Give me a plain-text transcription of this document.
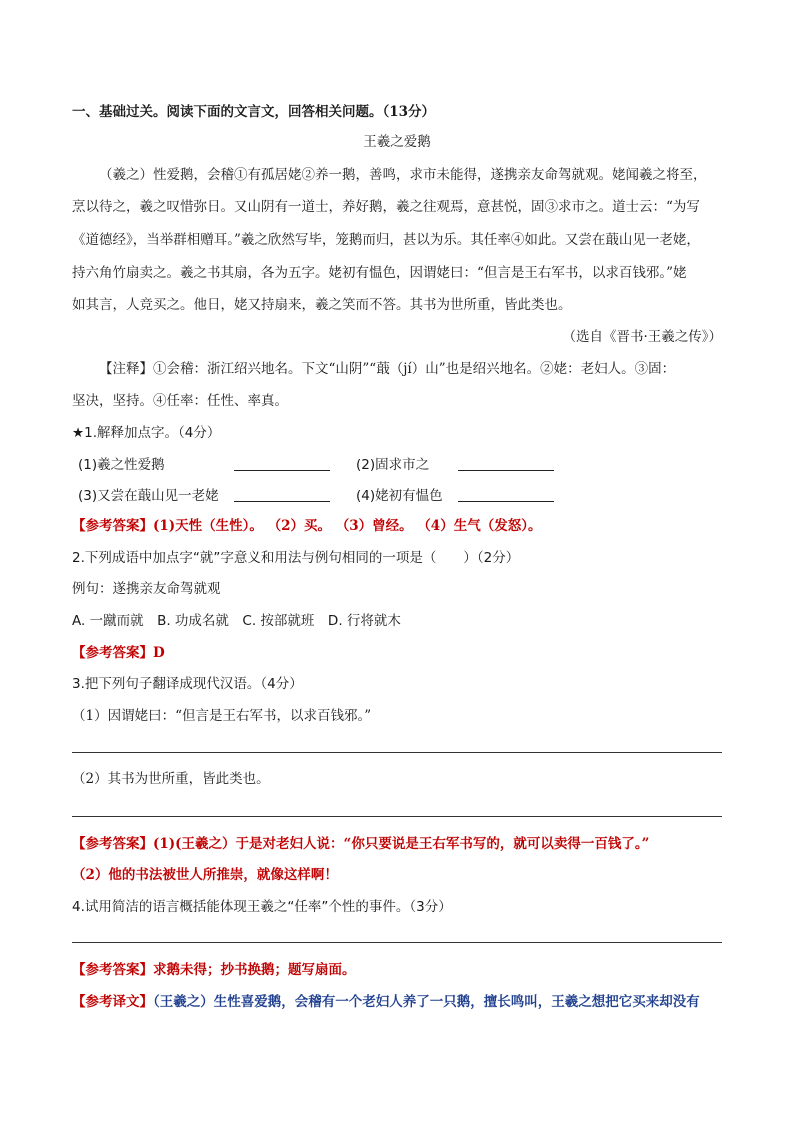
一、基础过关。阅读下面的文言文，回答相关问题。（13分）
王羲之爱鹅
（羲之）性爱鹅，会稽①有孤居姥②养一鹅，善鸣，求市未能得，遂携亲友命驾就观。姥闻羲之将至，
烹以待之，羲之叹惜弥日。又山阴有一道士，养好鹅，羲之往观焉，意甚悦，固③求市之。道士云：“为写
《道德经》，当举群相赠耳。”羲之欣然写毕，笼鹅而归，甚以为乐。其任率④如此。又尝在蕺山见一老姥，
持六角竹扇卖之。羲之书其扇，各为五字。姥初有愠色，因谓姥曰：“但言是王右军书，以求百钱邪。”姥
如其言，人竞买之。他日，姥又持扇来，羲之笑而不答。其书为世所重，皆此类也。
（选自《晋书·王羲之传》）
【注释】①会稽：浙江绍兴地名。下文“山阴”“蕺（jí）山”也是绍兴地名。②姥：老妇人。③固：
坚决，坚持。④任率：任性、率真。
★1.解释加点字。（4分）
(1)羲之性爱鹅	(2)固求市之
(3)又尝在蕺山见一老姥	(4)姥初有愠色
【参考答案】(1)天性（生性）。 （2）买。 （3）曾经。 （4）生气（发怒）。
2.下列成语中加点字“就”字意义和用法与例句相同的一项是（　　）（2分）
例句：遂携亲友命驾就观
A. 一蹴而就　B. 功成名就　C. 按部就班　D. 行将就木
【参考答案】D
3.把下列句子翻译成现代汉语。（4分）
（1）因谓姥曰：“但言是王右军书，以求百钱邪。”
（2）其书为世所重，皆此类也。
【参考答案】(1)(王羲之）于是对老妇人说：“你只要说是王右军书写的，就可以卖得一百钱了。”
（2）他的书法被世人所推崇，就像这样啊！
4.试用简洁的语言概括能体现王羲之“任率”个性的事件。（3分）
【参考答案】求鹅未得；抄书换鹅；题写扇面。
【参考译文】（王羲之）生性喜爱鹅，会稽有一个老妇人养了一只鹅，擅长鸣叫，王羲之想把它买来却没有
